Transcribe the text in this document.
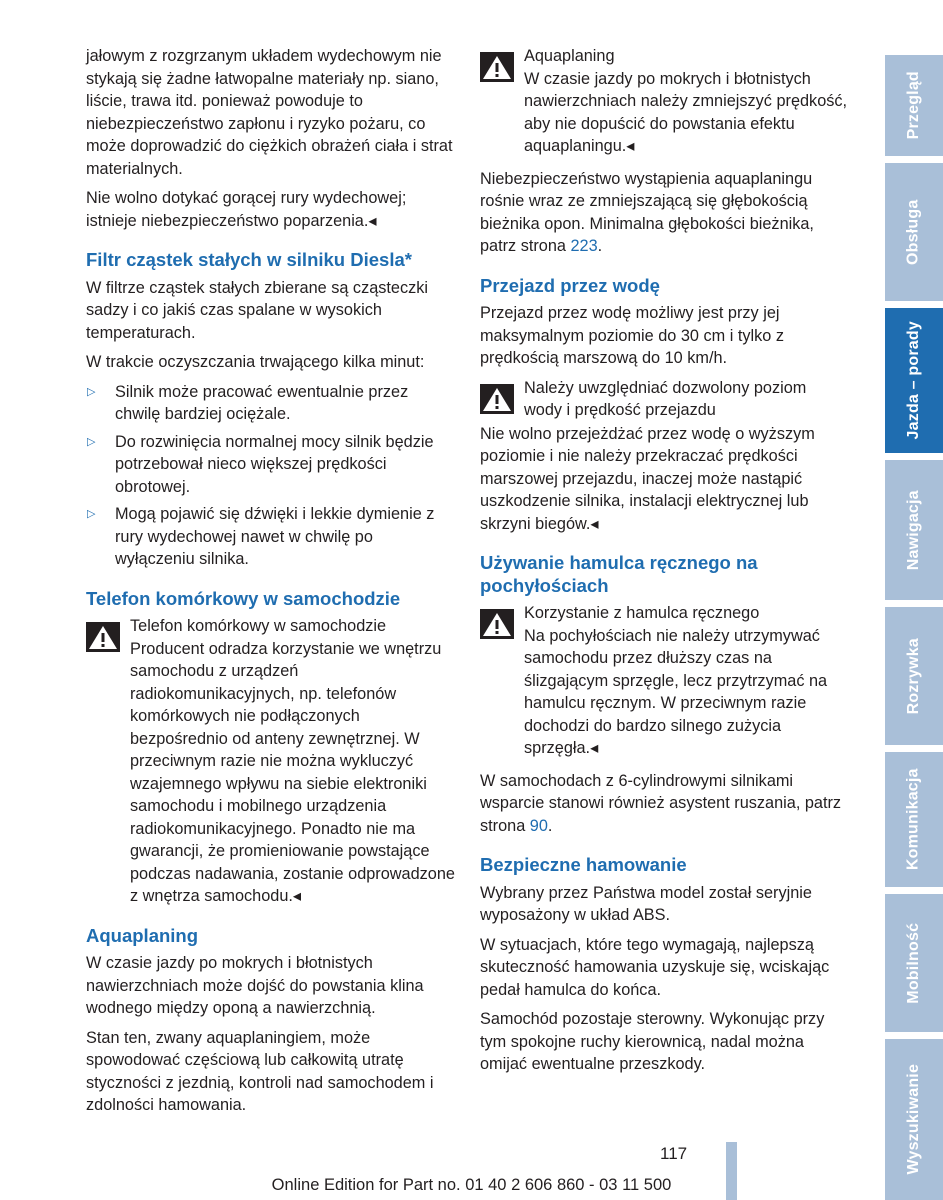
jałowym z rozgrzanym układem wydechowym nie stykają się żadne łatwopalne materiały np. siano, liście, trawa itd. ponieważ powoduje to niebezpieczeństwo zapłonu i ryzyko pożaru, co może doprowadzić do ciężkich obrażeń ciała i strat materialnych.

Nie wolno dotykać gorącej rury wydechowej; istnieje niebezpieczeństwo poparzenia.◂

Filtr cząstek stałych w silniku Diesla*

W filtrze cząstek stałych zbierane są cząsteczki sadzy i co jakiś czas spalane w wysokich temperaturach.

W trakcie oczyszczania trwającego kilka minut:

▷ Silnik może pracować ewentualnie przez chwilę bardziej ociężale.
▷ Do rozwinięcia normalnej mocy silnik będzie potrzebował nieco większej prędkości obrotowej.
▷ Mogą pojawić się dźwięki i lekkie dymienie z rury wydechowej nawet w chwilę po wyłączeniu silnika.
Telefon komórkowy w samochodzie
Telefon komórkowy w samochodzie
Producent odradza korzystanie we wnętrzu samochodu z urządzeń radiokomunikacyjnych, np. telefonów komórkowych nie podłączonych bezpośrednio od anteny zewnętrznej. W przeciwnym razie nie można wykluczyć wzajemnego wpływu na siebie elektroniki samochodu i mobilnego urządzenia radiokomunikacyjnego. Ponadto nie ma gwarancji, że promieniowanie powstające podczas nadawania, zostanie odprowadzone z wnętrza samochodu.◂
Aquaplaning

W czasie jazdy po mokrych i błotnistych nawierzchniach może dojść do powstania klina wodnego między oponą a nawierzchnią.

Stan ten, zwany aquaplaningiem, może spowodować częściową lub całkowitą utratę styczności z jezdnią, kontroli nad samochodem i zdolności hamowania.

Aquaplaning
W czasie jazdy po mokrych i błotnistych nawierzchniach należy zmniejszyć prędkość, aby nie dopuścić do powstania efektu aquaplaningu.◂

Niebezpieczeństwo wystąpienia aquaplaningu rośnie wraz ze zmniejszającą się głębokością bieżnika opon. Minimalna głębokości bieżnika, patrz strona 223.

Przejazd przez wodę

Przejazd przez wodę możliwy jest przy jej maksymalnym poziomie do 30 cm i tylko z prędkością marszową do 10 km/h.

Należy uwzględniać dozwolony poziom wody i prędkość przejazdu

Nie wolno przejeżdżać przez wodę o wyższym poziomie i nie należy przekraczać prędkości marszowej przejazdu, inaczej może nastąpić uszkodzenie silnika, instalacji elektrycznej lub skrzyni biegów.◂

Używanie hamulca ręcznego na pochyłościach
Korzystanie z hamulca ręcznego
Na pochyłościach nie należy utrzymywać samochodu przez dłuższy czas na ślizgającym sprzęgle, lecz przytrzymać na hamulcu ręcznym. W przeciwnym razie dochodzi do bardzo silnego zużycia sprzęgła.◂

W samochodach z 6-cylindrowymi silnikami wsparcie stanowi również asystent ruszania, patrz strona 90.

Bezpieczne hamowanie

Wybrany przez Państwa model został seryjnie wyposażony w układ ABS.

W sytuacjach, które tego wymagają, najlepszą skuteczność hamowania uzyskuje się, wciskając pedał hamulca do końca.

Samochód pozostaje sterowny. Wykonując przy tym spokojne ruchy kierownicą, nadal można omijać ewentualne przeszkody.

Przegląd
Obsługa
Jazda – porady
Nawigacja
Rozrywka
Komunikacja
Mobilność
Wyszukiwanie
117
Online Edition for Part no. 01 40 2 606 860 - 03 11 500
